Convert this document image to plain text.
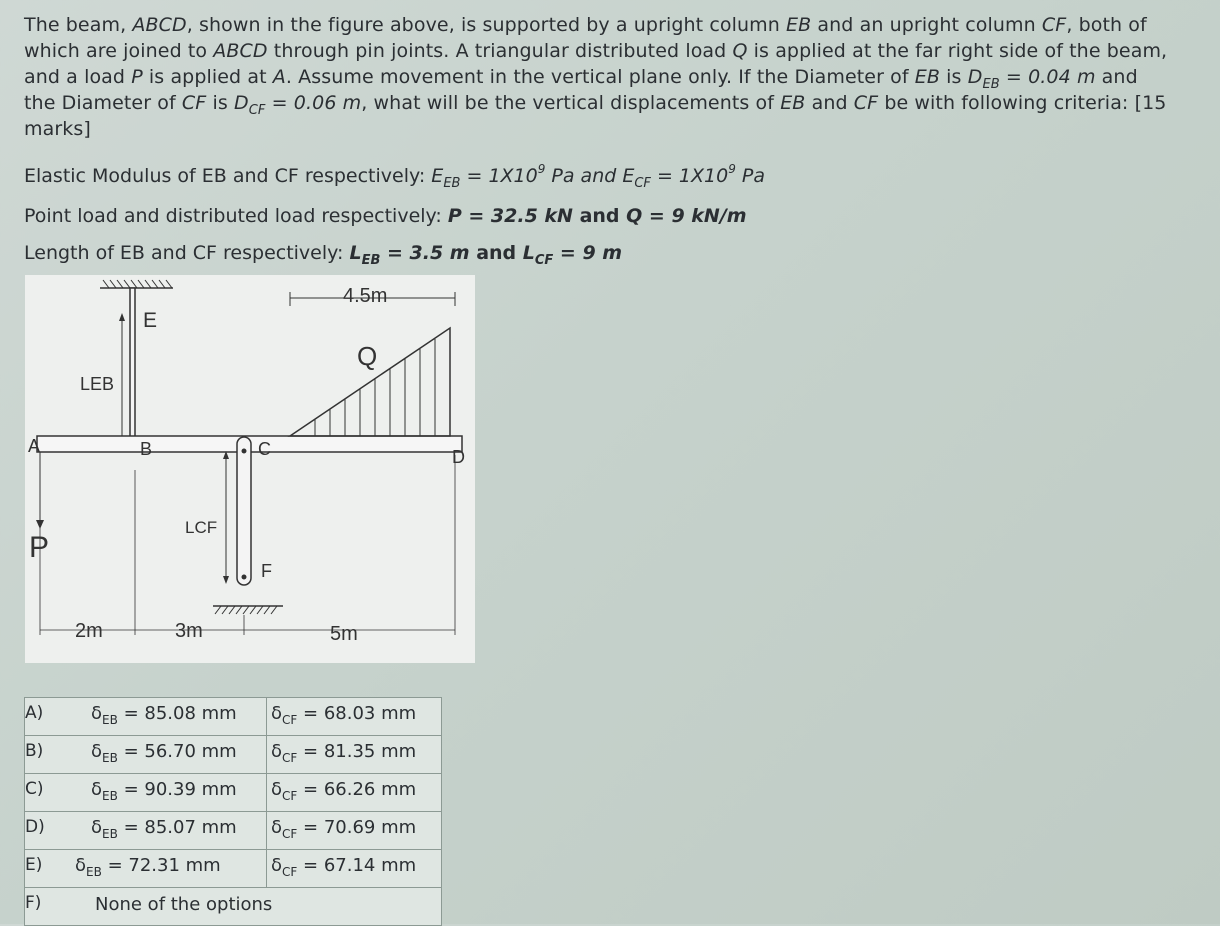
The beam, ABCD, shown in the figure above, is supported by a upright column EB and an upright column CF, both of which are joined to ABCD through pin joints. A triangular distributed load Q is applied at the far right side of the beam, and a load P is applied at A. Assume movement in the vertical plane only. If the Diameter of EB is $D_{EB} = 0.04$ m and the Diameter of CF is $D_{CF} = 0.06$ m, what will be the vertical displacements of EB and CF be with following criteria: [15 marks]
Elastic Modulus of EB and CF respectively: $E_{EB} = 1X10^9$ Pa and $E_{CF} = 1X10^9$ Pa
Point load and distributed load respectively: P = 32.5 kN and Q = 9 kN/m
Length of EB and CF respectively: $L_{EB} = 3.5$ m and $L_{CF} = 9$ m
4.5m
E
Q
LEB
A	B	C	D
LCF
F
P
2m	3m	5m
A)	$\delta_{EB} = 85.08$ mm $\delta_{CF} = 68.03$ mm
B)	$\delta_{EB} = 56.70$ mm $\delta_{CF} = 81.35$ mm
C)	$\delta_{EB} = 90.39$ mm $\delta_{CF} = 66.26$ mm
D)	$\delta_{EB} = 85.07$ mm $\delta_{CF} = 70.69$ mm
E) $\delta_{EB} = 72.31$ mm	$\delta_{CF} = 67.14$ mm
F)	None of the options
